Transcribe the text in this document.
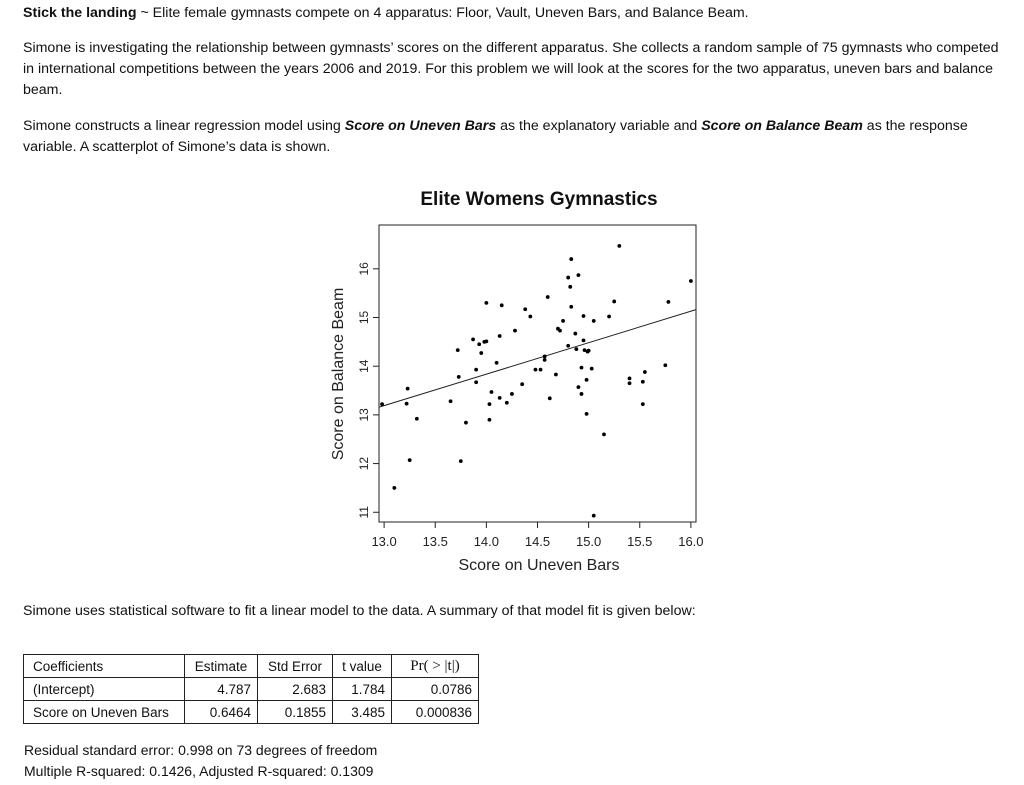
Stick the landing ~ Elite female gymnasts compete on 4 apparatus: Floor, Vault, Uneven Bars, and Balance Beam.

Simone is investigating the relationship between gymnasts’ scores on the different apparatus. She collects a random sample of 75 gymnasts who competed in international competitions between the years 2006 and 2019. For this problem we will look at the scores for the two apparatus, uneven bars and balance beam.

Simone constructs a linear regression model using Score on Uneven Bars as the explanatory variable and Score on Balance Beam as the response variable. A scatterplot of Simone’s data is shown.

Elite Womens Gymnastics
Score on Uneven Bars
Score on Balance Beam
13.0 13.5 14.0 14.5 15.0 15.5 16.0
11
12
13
14
15
16

Simone uses statistical software to fit a linear model to the data. A summary of that model fit is given below:

Coefficients	Estimate	Std Error	t value	Pr( > |t|)
(Intercept)	4.787	2.683	1.784	0.0786
Score on Uneven Bars	0.6464	0.1855	3.485	0.000836

Residual standard error: 0.998 on 73 degrees of freedom

Multiple R-squared: 0.1426, Adjusted R-squared: 0.1309
